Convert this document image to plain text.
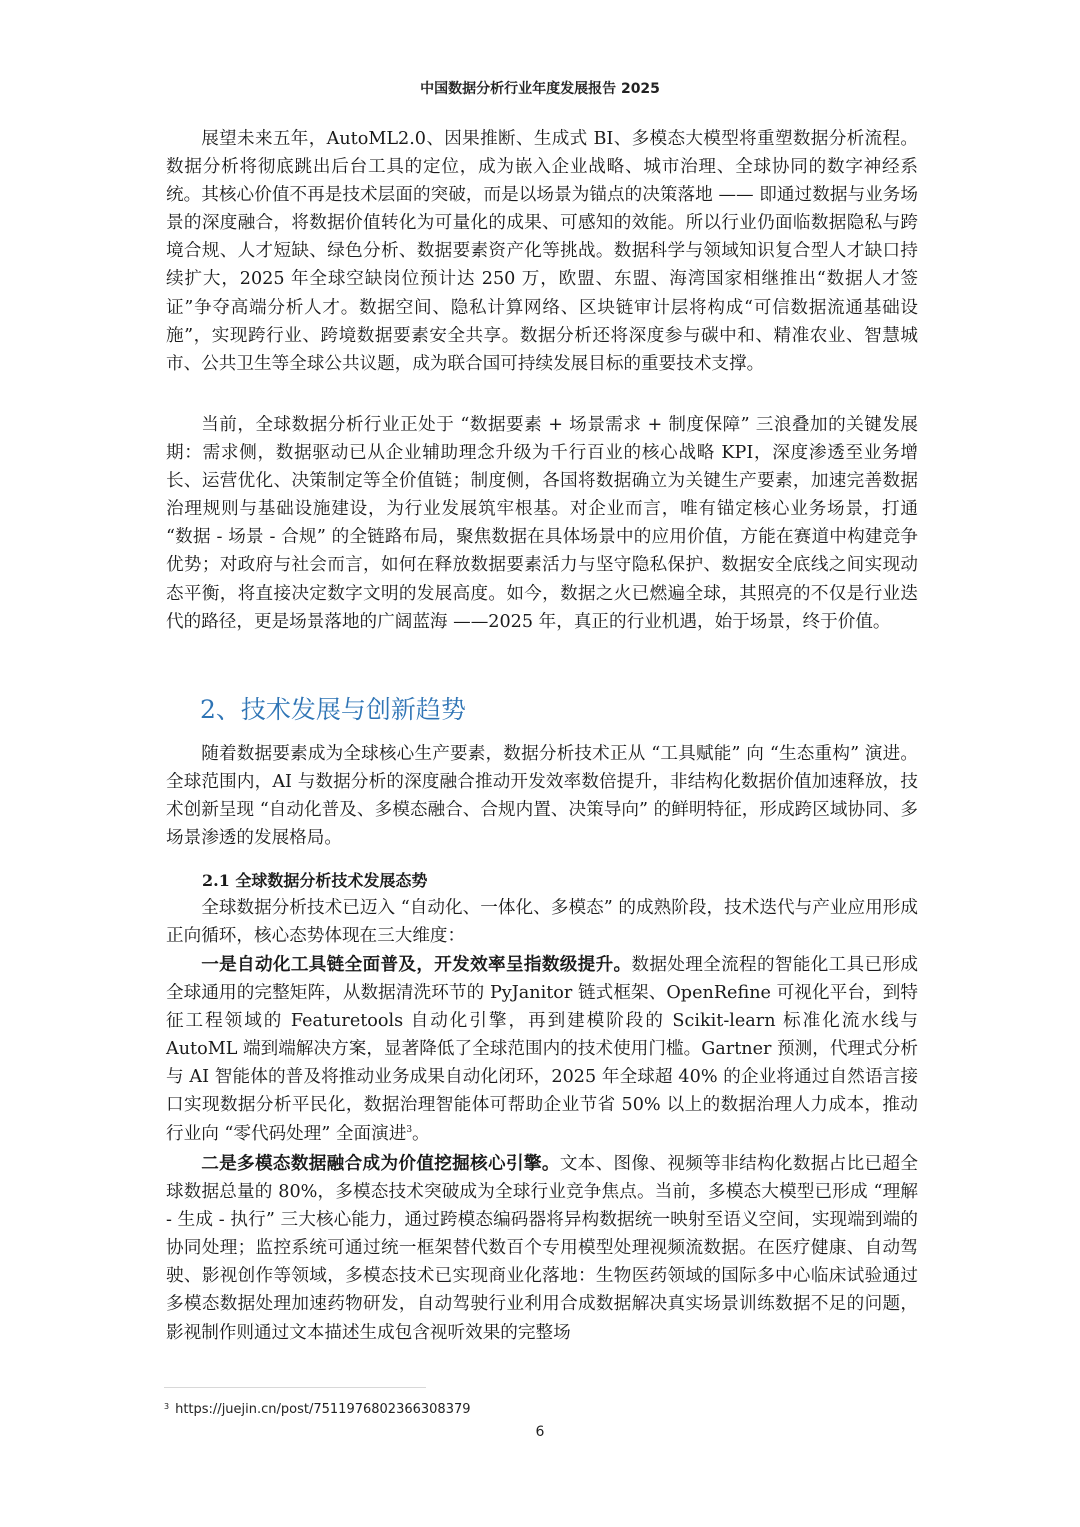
中国数据分析行业年度发展报告 2025

展望未来五年，AutoML2.0、因果推断、生成式 BI、多模态大模型将重塑数据分析流程。数据分析将彻底跳出后台工具的定位，成为嵌入企业战略、城市治理、全球协同的数字神经系统。其核心价值不再是技术层面的突破，而是以场景为锚点的决策落地 —— 即通过数据与业务场景的深度融合，将数据价值转化为可量化的成果、可感知的效能。所以行业仍面临数据隐私与跨境合规、人才短缺、绿色分析、数据要素资产化等挑战。数据科学与领域知识复合型人才缺口持续扩大，2025 年全球空缺岗位预计达 250 万，欧盟、东盟、海湾国家相继推出“数据人才签证”争夺高端分析人才。数据空间、隐私计算网络、区块链审计层将构成“可信数据流通基础设施”，实现跨行业、跨境数据要素安全共享。数据分析还将深度参与碳中和、精准农业、智慧城市、公共卫生等全球公共议题，成为联合国可持续发展目标的重要技术支撑。

当前，全球数据分析行业正处于 “数据要素 + 场景需求 + 制度保障” 三浪叠加的关键发展期：需求侧，数据驱动已从企业辅助理念升级为千行百业的核心战略 KPI，深度渗透至业务增长、运营优化、决策制定等全价值链；制度侧，各国将数据确立为关键生产要素，加速完善数据治理规则与基础设施建设，为行业发展筑牢根基。对企业而言，唯有锚定核心业务场景，打通 “数据 - 场景 - 合规” 的全链路布局，聚焦数据在具体场景中的应用价值，方能在赛道中构建竞争优势；对政府与社会而言，如何在释放数据要素活力与坚守隐私保护、数据安全底线之间实现动态平衡，将直接决定数字文明的发展高度。如今，数据之火已燃遍全球，其照亮的不仅是行业迭代的路径，更是场景落地的广阔蓝海 ——2025 年，真正的行业机遇，始于场景，终于价值。

2、技术发展与创新趋势

随着数据要素成为全球核心生产要素，数据分析技术正从 “工具赋能” 向 “生态重构” 演进。全球范围内，AI 与数据分析的深度融合推动开发效率数倍提升，非结构化数据价值加速释放，技术创新呈现 “自动化普及、多模态融合、合规内置、决策导向” 的鲜明特征，形成跨区域协同、多场景渗透的发展格局。

2.1 全球数据分析技术发展态势

全球数据分析技术已迈入 “自动化、一体化、多模态” 的成熟阶段，技术迭代与产业应用形成正向循环，核心态势体现在三大维度：

一是自动化工具链全面普及，开发效率呈指数级提升。数据处理全流程的智能化工具已形成全球通用的完整矩阵，从数据清洗环节的 PyJanitor 链式框架、OpenRefine 可视化平台，到特征工程领域的 Featuretools 自动化引擎，再到建模阶段的 Scikit-learn 标准化流水线与 AutoML 端到端解决方案，显著降低了全球范围内的技术使用门槛。Gartner 预测，代理式分析与 AI 智能体的普及将推动业务成果自动化闭环，2025 年全球超 40% 的企业将通过自然语言接口实现数据分析平民化，数据治理智能体可帮助企业节省 50% 以上的数据治理人力成本，推动行业向 “零代码处理” 全面演进$^3$。

二是多模态数据融合成为价值挖掘核心引擎。文本、图像、视频等非结构化数据占比已超全球数据总量的 80%，多模态技术突破成为全球行业竞争焦点。当前，多模态大模型已形成 “理解 - 生成 - 执行” 三大核心能力，通过跨模态编码器将异构数据统一映射至语义空间，实现端到端的协同处理；监控系统可通过统一框架替代数百个专用模型处理视频流数据。在医疗健康、自动驾驶、影视创作等领域，多模态技术已实现商业化落地：生物医药领域的国际多中心临床试验通过多模态数据处理加速药物研发，自动驾驶行业利用合成数据解决真实场景训练数据不足的问题，影视制作则通过文本描述生成包含视听效果的完整场

$^3$ https://juejin.cn/post/7511976802366308379
6
